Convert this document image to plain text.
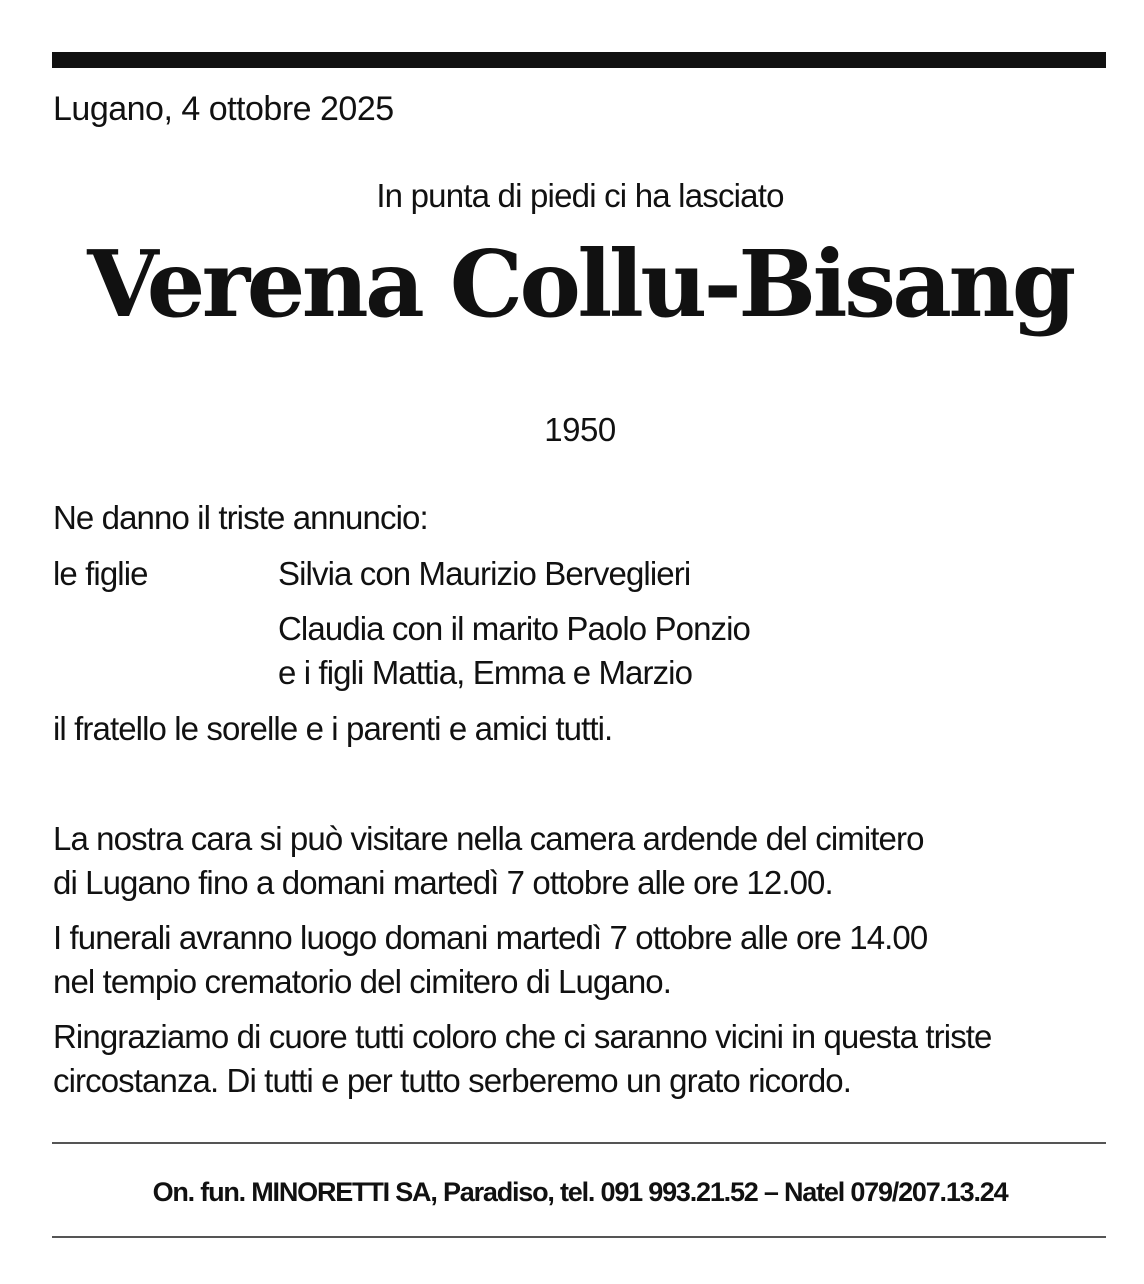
Lugano, 4 ottobre 2025
In punta di piedi ci ha lasciato
Verena Collu-Bisang
1950
Ne danno il triste annuncio:
le figlie	Silvia con Maurizio Berveglieri
Claudia con il marito Paolo Ponzio
e i figli Mattia, Emma e Marzio
il fratello le sorelle e i parenti e amici tutti.
La nostra cara si può visitare nella camera ardende del cimitero
di Lugano fino a domani martedì 7 ottobre alle ore 12.00.
I funerali avranno luogo domani martedì 7 ottobre alle ore 14.00
nel tempio crematorio del cimitero di Lugano.
Ringraziamo di cuore tutti coloro che ci saranno vicini in questa triste
circostanza. Di tutti e per tutto serberemo un grato ricordo.
On. fun. MINORETTI SA, Paradiso, tel. 091 993.21.52 – Natel 079/207.13.24
